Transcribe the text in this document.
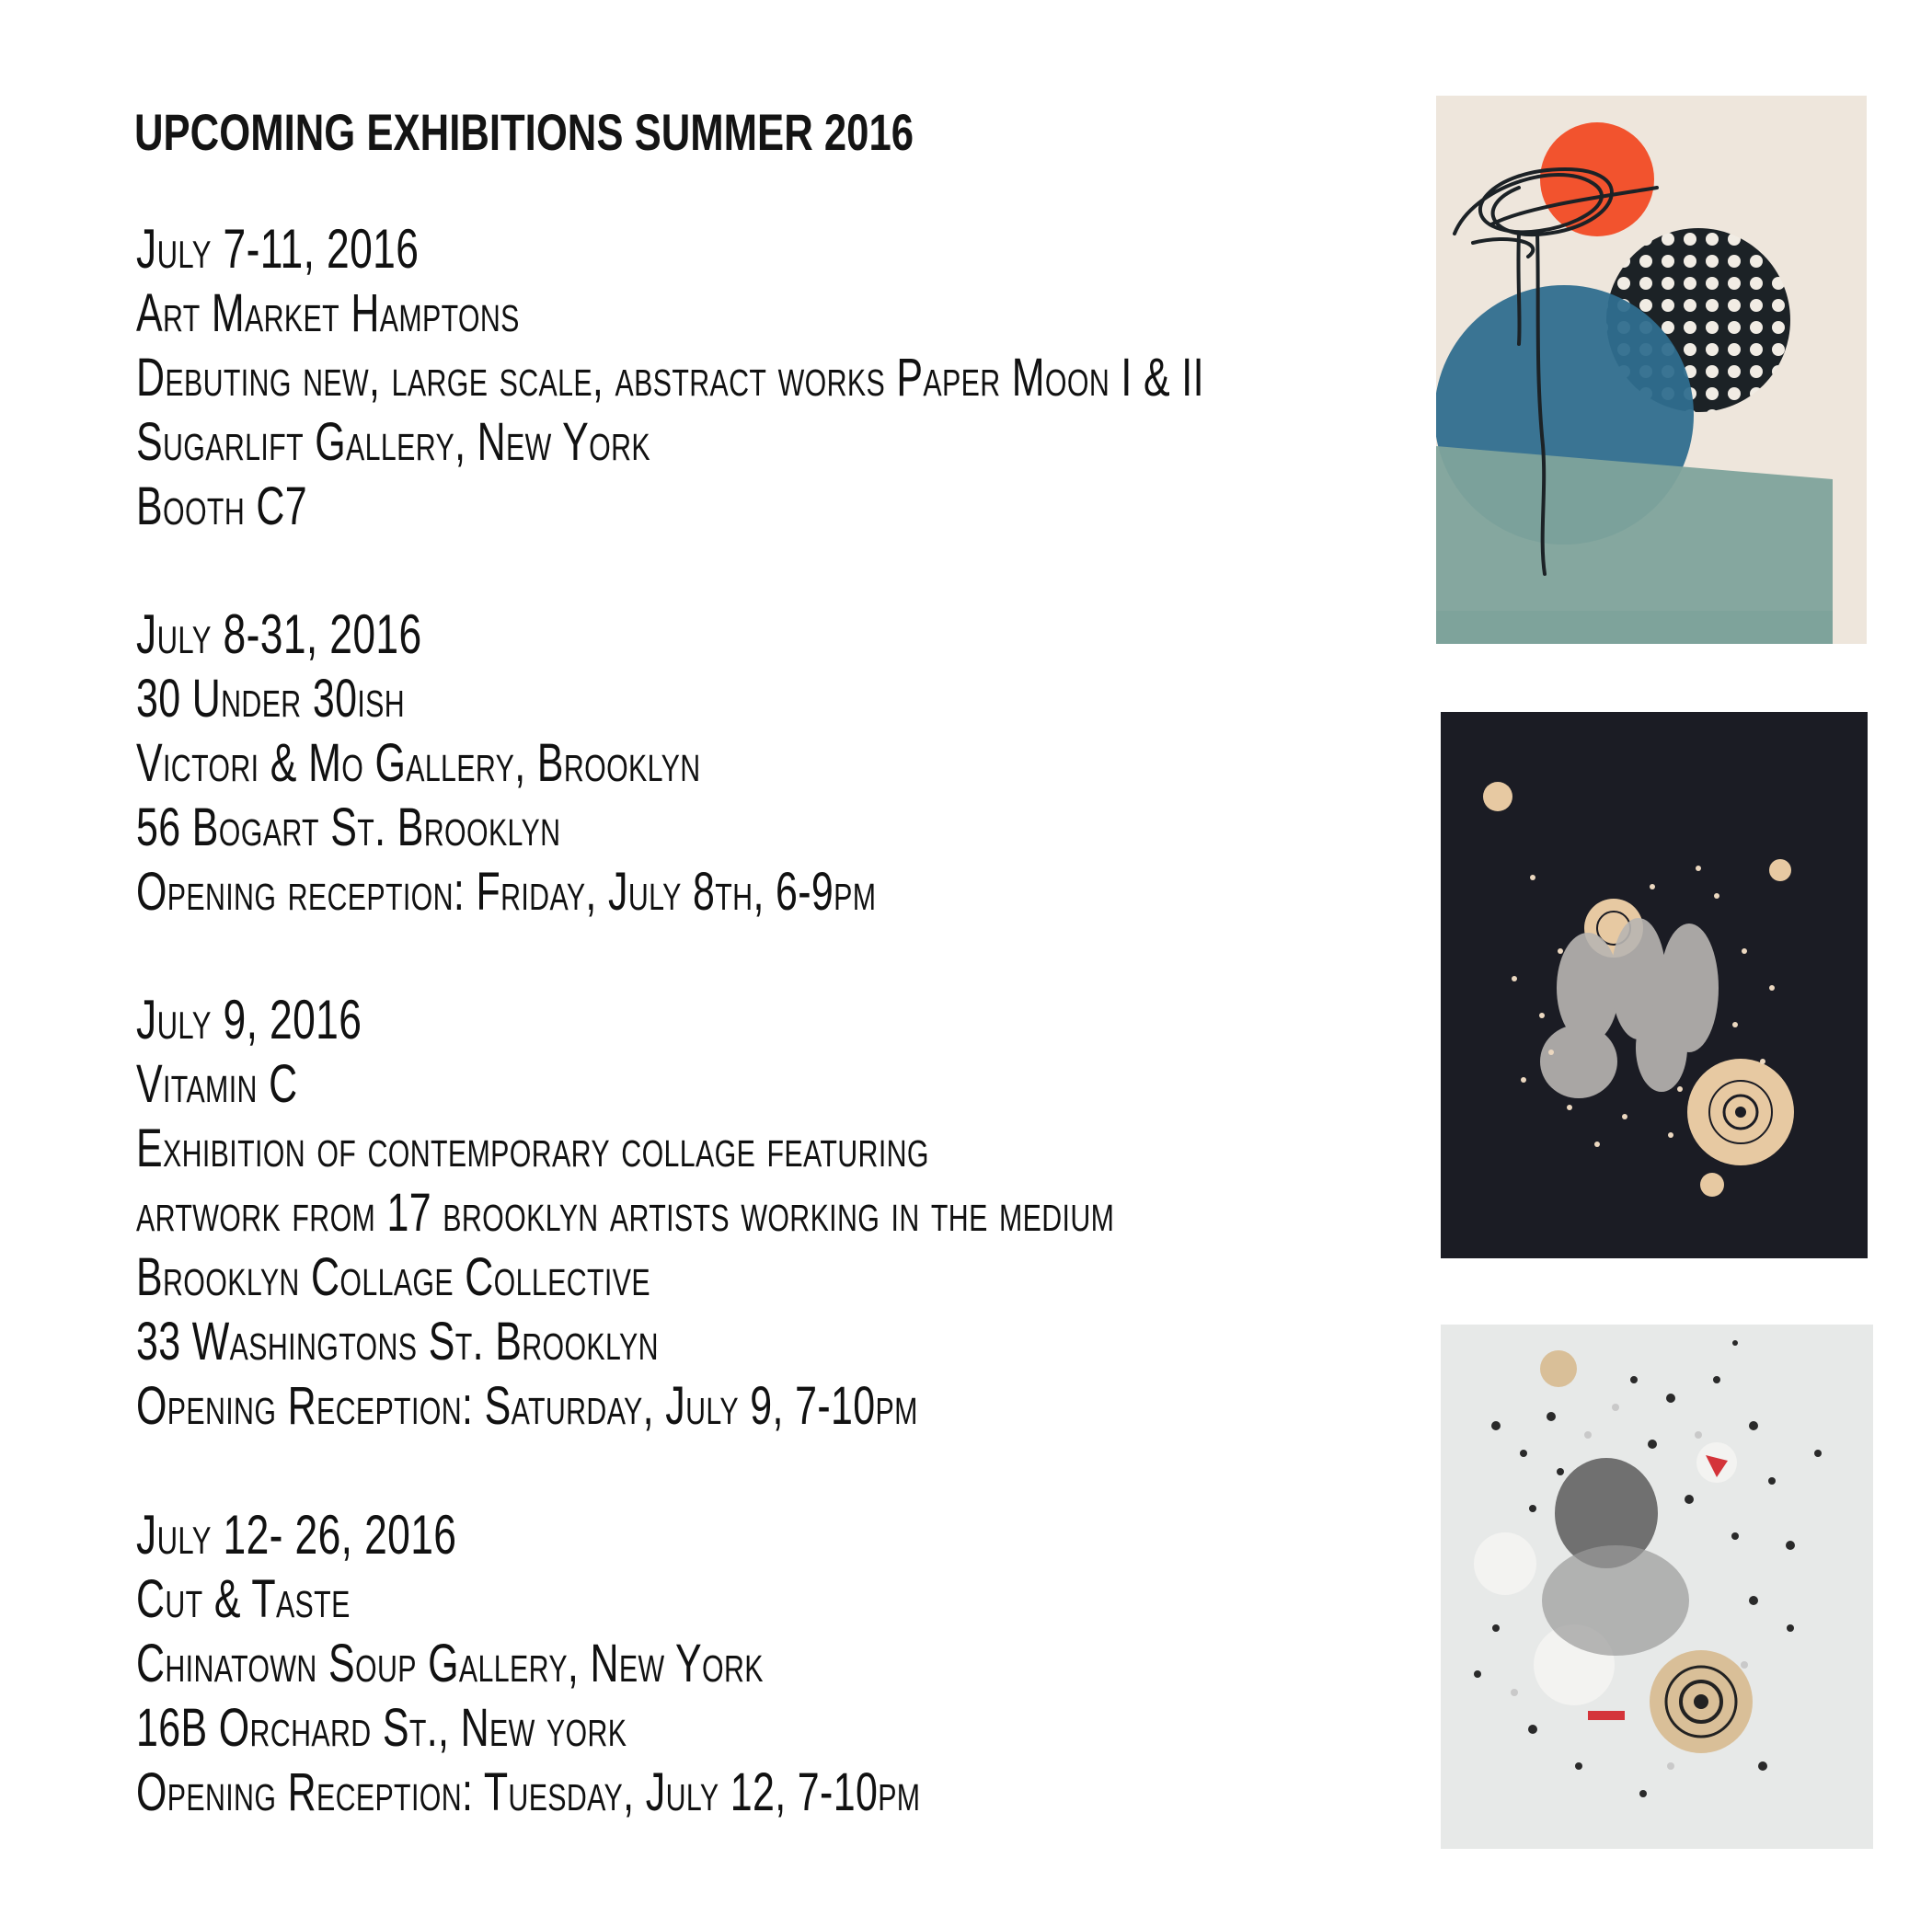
UPCOMING EXHIBITIONS SUMMER 2016
July 7-11, 2016
Art Market Hamptons
Debuting new, large scale, abstract works Paper Moon I & II
Sugarlift Gallery, New York
Booth C7
July 8-31, 2016
30 Under 30ish
Victori & Mo Gallery, Brooklyn
56 Bogart St. Brooklyn
Opening reception: Friday, July 8th, 6-9pm
July 9, 2016
Vitamin C
Exhibition of contemporary collage featuring
artwork from 17 brooklyn artists working in the medium
Brooklyn Collage Collective
33 Washingtons St. Brooklyn
Opening Reception: Saturday, July 9, 7-10pm
July 12- 26, 2016
Cut & Taste
Chinatown Soup Gallery, New York
16B Orchard St., New york
Opening Reception: Tuesday, July 12, 7-10pm
